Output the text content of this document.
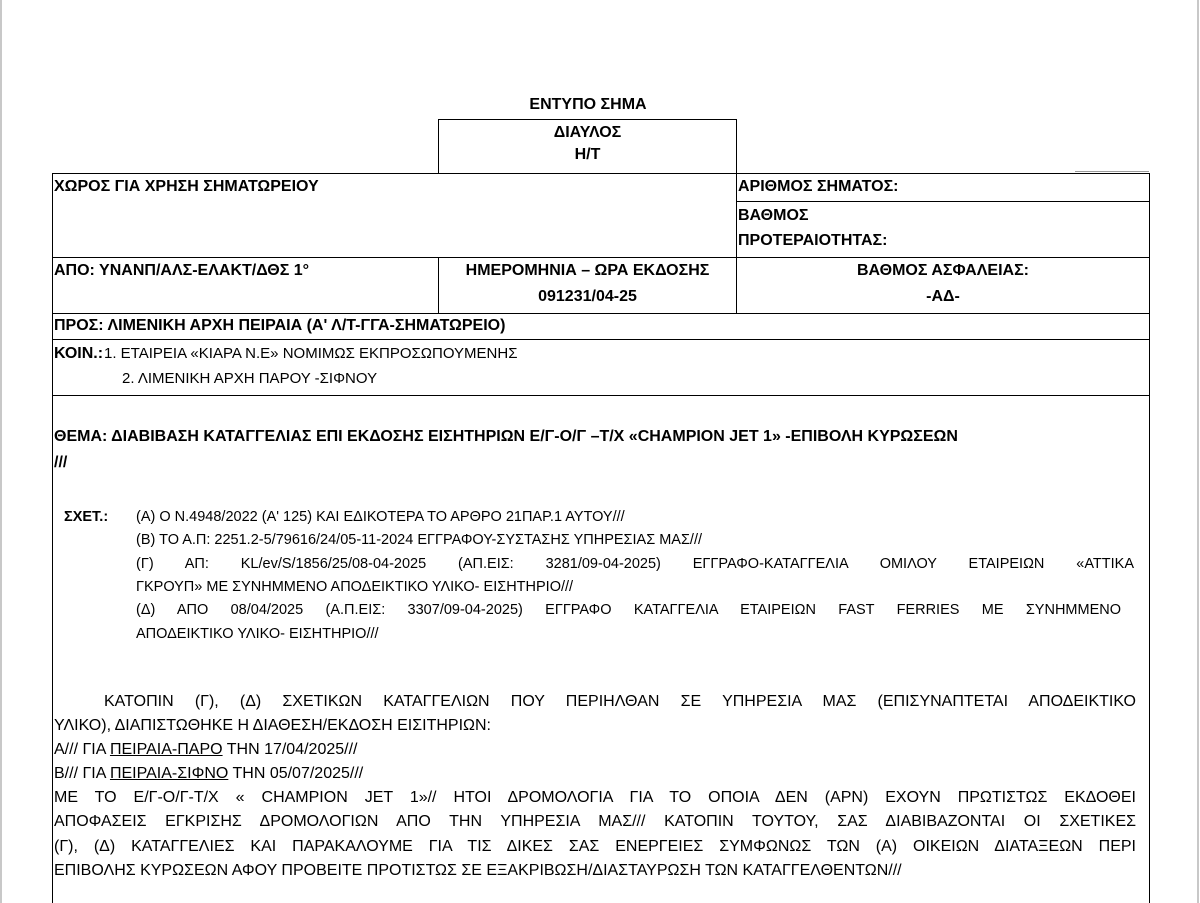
ΕΝΤΥΠΟ ΣΗΜΑ
ΔΙΑΥΛΟΣ
Η/Τ
ΧΩΡΟΣ ΓΙΑ ΧΡΗΣΗ ΣΗΜΑΤΩΡΕΙΟΥ	ΑΡΙΘΜΟΣ ΣΗΜΑΤΟΣ:
ΒΑΘΜΟΣ
ΠΡΟΤΕΡΑΙΟΤΗΤΑΣ:
ΑΠΟ: ΥΝΑΝΠ/ΑΛΣ-ΕΛΑΚΤ/ΔΘΣ 1°	ΗΜΕΡΟΜΗΝΙΑ – ΩΡΑ ΕΚΔΟΣΗΣ
091231/04-25
ΒΑΘΜΟΣ ΑΣΦΑΛΕΙΑΣ:
-ΑΔ-
ΠΡΟΣ: ΛΙΜΕΝΙΚΗ ΑΡΧΗ ΠΕΙΡΑΙΑ (Α' Λ/Τ-ΓΓΑ-ΣΗΜΑΤΩΡΕΙΟ)
ΚΟΙΝ.: 1. ΕΤΑΙΡΕΙΑ «ΚΙΑΡΑ Ν.Ε» ΝΟΜΙΜΩΣ ΕΚΠΡΟΣΩΠΟΥΜΕΝΗΣ
2. ΛΙΜΕΝΙΚΗ ΑΡΧΗ ΠΑΡΟΥ -ΣΙΦΝΟΥ
ΘΕΜΑ: ΔΙΑΒΙΒΑΣΗ ΚΑΤΑΓΓΕΛΙΑΣ ΕΠΙ ΕΚΔΟΣΗΣ ΕΙΣΗΤΗΡΙΩΝ Ε/Γ-Ο/Γ –Τ/Χ «CHAMPION JET 1» -ΕΠΙΒΟΛΗ ΚΥΡΩΣΕΩΝ
///
ΣΧΕΤ.: (Α) Ο Ν.4948/2022 (Α' 125) ΚΑΙ ΕΔΙΚΟΤΕΡΑ ΤΟ ΑΡΘΡΟ 21ΠΑΡ.1 ΑΥΤΟΥ///
(Β) ΤΟ Α.Π: 2251.2-5/79616/24/05-11-2024 ΕΓΓΡΑΦΟΥ-ΣΥΣΤΑΣΗΣ ΥΠΗΡΕΣΙΑΣ ΜΑΣ///
(Γ) ΑΠ: KL/ev/S/1856/25/08-04-2025 (ΑΠ.ΕΙΣ: 3281/09-04-2025) ΕΓΓΡΑΦΟ-ΚΑΤΑΓΓΕΛΙΑ ΟΜΙΛΟΥ ΕΤΑΙΡΕΙΩΝ «ΑΤΤΙΚΑ
ΓΚΡΟΥΠ» ΜΕ ΣΥΝΗΜΜΕΝΟ ΑΠΟΔΕΙΚΤΙΚΟ ΥΛΙΚΟ- ΕΙΣΗΤΗΡΙΟ///
(Δ) ΑΠΟ 08/04/2025 (Α.Π.ΕΙΣ: 3307/09-04-2025) ΕΓΓΡΑΦΟ ΚΑΤΑΓΓΕΛΙΑ ΕΤΑΙΡΕΙΩΝ FAST FERRIES ΜΕ ΣΥΝΗΜΜΕΝΟ
ΑΠΟΔΕΙΚΤΙΚΟ ΥΛΙΚΟ- ΕΙΣΗΤΗΡΙΟ///
ΚΑΤΟΠΙΝ (Γ), (Δ) ΣΧΕΤΙΚΩΝ ΚΑΤΑΓΓΕΛΙΩΝ ΠΟΥ ΠΕΡΙΗΛΘΑΝ ΣΕ ΥΠΗΡΕΣΙΑ ΜΑΣ (ΕΠΙΣΥΝΑΠΤΕΤΑΙ ΑΠΟΔΕΙΚΤΙΚΟ
ΥΛΙΚΟ), ΔΙΑΠΙΣΤΩΘΗΚΕ Η ΔΙΑΘΕΣΗ/ΕΚΔΟΣΗ ΕΙΣΙΤΗΡΙΩΝ:
Α/// ΓΙΑ ΠΕΙΡΑΙΑ-ΠΑΡΟ ΤΗΝ 17/04/2025///
Β/// ΓΙΑ ΠΕΙΡΑΙΑ-ΣΙΦΝΟ ΤΗΝ 05/07/2025///
ΜΕ ΤΟ Ε/Γ-Ο/Γ-Τ/Χ « CHAMPION JET 1»// ΗΤΟΙ ΔΡΟΜΟΛΟΓΙΑ ΓΙΑ ΤΟ ΟΠΟΙΑ ΔΕΝ (ΑΡΝ) ΕΧΟΥΝ ΠΡΩΤΙΣΤΩΣ ΕΚΔΟΘΕΙ
ΑΠΟΦΑΣΕΙΣ ΕΓΚΡΙΣΗΣ ΔΡΟΜΟΛΟΓΙΩΝ ΑΠΟ ΤΗΝ ΥΠΗΡΕΣΙΑ ΜΑΣ/// ΚΑΤΟΠΙΝ ΤΟΥΤΟΥ, ΣΑΣ ΔΙΑΒΙΒΑΖΟΝΤΑΙ ΟΙ ΣΧΕΤΙΚΕΣ
(Γ), (Δ) ΚΑΤΑΓΓΕΛΙΕΣ ΚΑΙ ΠΑΡΑΚΑΛΟΥΜΕ ΓΙΑ ΤΙΣ ΔΙΚΕΣ ΣΑΣ ΕΝΕΡΓΕΙΕΣ ΣΥΜΦΩΝΩΣ ΤΩΝ (Α) ΟΙΚΕΙΩΝ ΔΙΑΤΑΞΕΩΝ ΠΕΡΙ
ΕΠΙΒΟΛΗΣ ΚΥΡΩΣΕΩΝ ΑΦΟΥ ΠΡΟΒΕΙΤΕ ΠΡΟΤΙΣΤΩΣ ΣΕ ΕΞΑΚΡΙΒΩΣΗ/ΔΙΑΣΤΑΥΡΩΣΗ ΤΩΝ ΚΑΤΑΓΓΕΛΘΕΝΤΩΝ///
